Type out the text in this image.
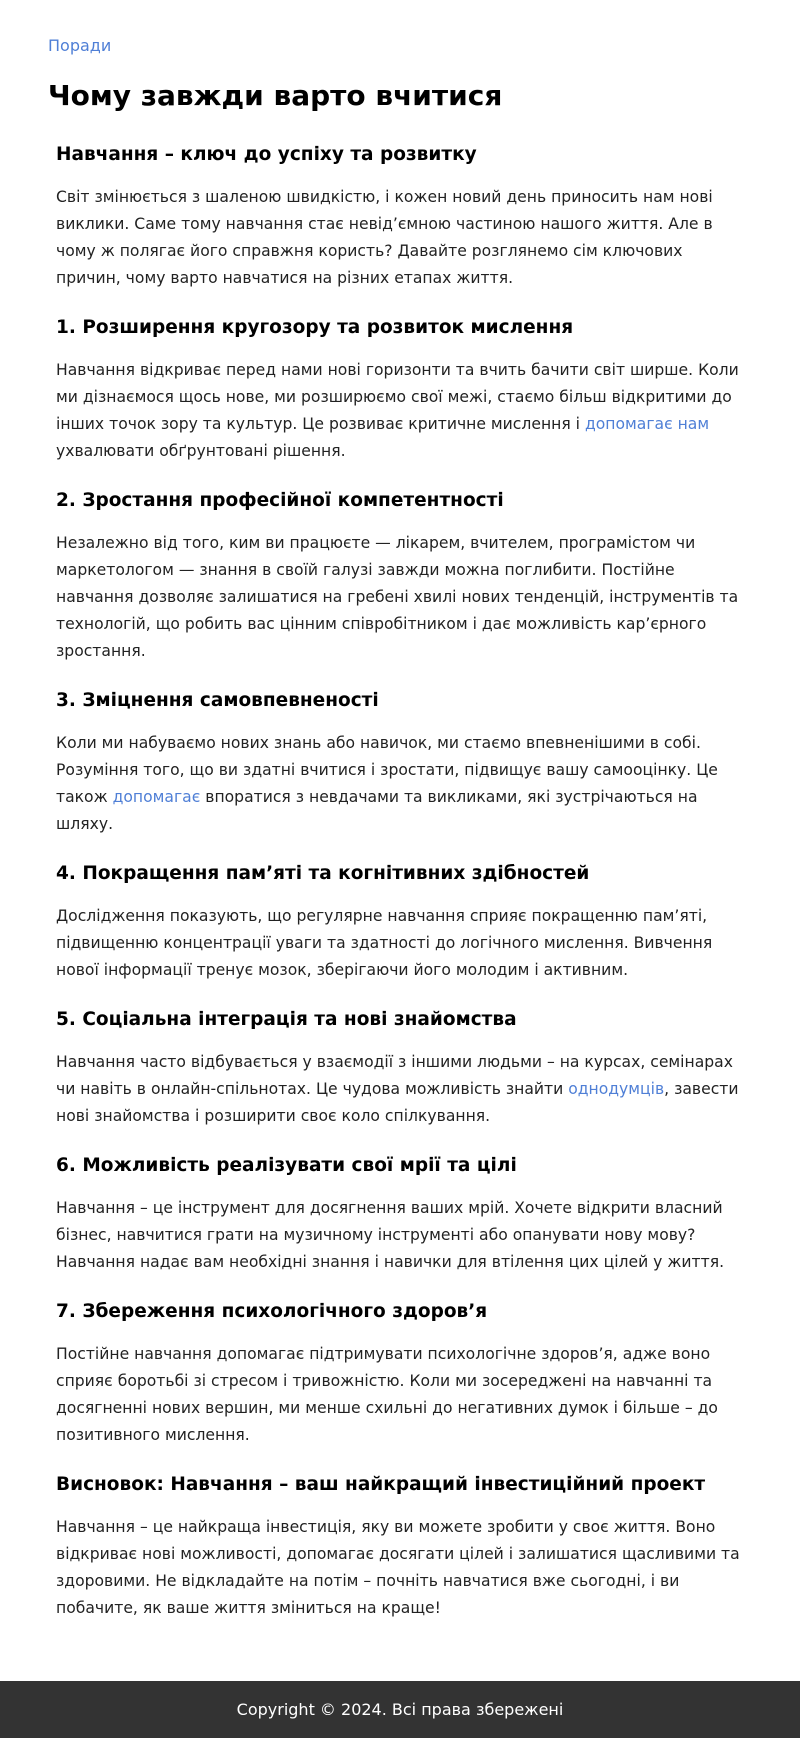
Поради
Чому завжди варто вчитися
Навчання – ключ до успіху та розвитку

Світ змінюється з шаленою швидкістю, і кожен новий день приносить нам нові виклики. Саме тому навчання стає невід’ємною частиною нашого життя. Але в чому ж полягає його справжня користь? Давайте розглянемо сім ключових причин, чому варто навчатися на різних етапах життя.

1. Розширення кругозору та розвиток мислення

Навчання відкриває перед нами нові горизонти та вчить бачити світ ширше. Коли ми дізнаємося щось нове, ми розширюємо свої межі, стаємо більш відкритими до інших точок зору та культур. Це розвиває критичне мислення і допомагає нам ухвалювати обґрунтовані рішення.

2. Зростання професійної компетентності

Незалежно від того, ким ви працюєте — лікарем, вчителем, програмістом чи маркетологом — знання в своїй галузі завжди можна поглибити. Постійне навчання дозволяє залишатися на гребені хвилі нових тенденцій, інструментів та технологій, що робить вас цінним співробітником і дає можливість кар’єрного зростання.

3. Зміцнення самовпевненості

Коли ми набуваємо нових знань або навичок, ми стаємо впевненішими в собі. Розуміння того, що ви здатні вчитися і зростати, підвищує вашу самооцінку. Це також допомагає впоратися з невдачами та викликами, які зустрічаються на шляху.

4. Покращення пам’яті та когнітивних здібностей

Дослідження показують, що регулярне навчання сприяє покращенню пам’яті, підвищенню концентрації уваги та здатності до логічного мислення. Вивчення нової інформації тренує мозок, зберігаючи його молодим і активним.

5. Соціальна інтеграція та нові знайомства

Навчання часто відбувається у взаємодії з іншими людьми – на курсах, семінарах чи навіть в онлайн-спільнотах. Це чудова можливість знайти однодумців, завести нові знайомства і розширити своє коло спілкування.

6. Можливість реалізувати свої мрії та цілі

Навчання – це інструмент для досягнення ваших мрій. Хочете відкрити власний бізнес, навчитися грати на музичному інструменті або опанувати нову мову? Навчання надає вам необхідні знання і навички для втілення цих цілей у життя.

7. Збереження психологічного здоров’я

Постійне навчання допомагає підтримувати психологічне здоров’я, адже воно сприяє боротьбі зі стресом і тривожністю. Коли ми зосереджені на навчанні та досягненні нових вершин, ми менше схильні до негативних думок і більше – до позитивного мислення.

Висновок: Навчання – ваш найкращий інвестиційний проект

Навчання – це найкраща інвестиція, яку ви можете зробити у своє життя. Воно відкриває нові можливості, допомагає досягати цілей і залишатися щасливими та здоровими. Не відкладайте на потім – почніть навчатися вже сьогодні, і ви побачите, як ваше життя зміниться на краще!

Copyright © 2024. Всі права збережені
